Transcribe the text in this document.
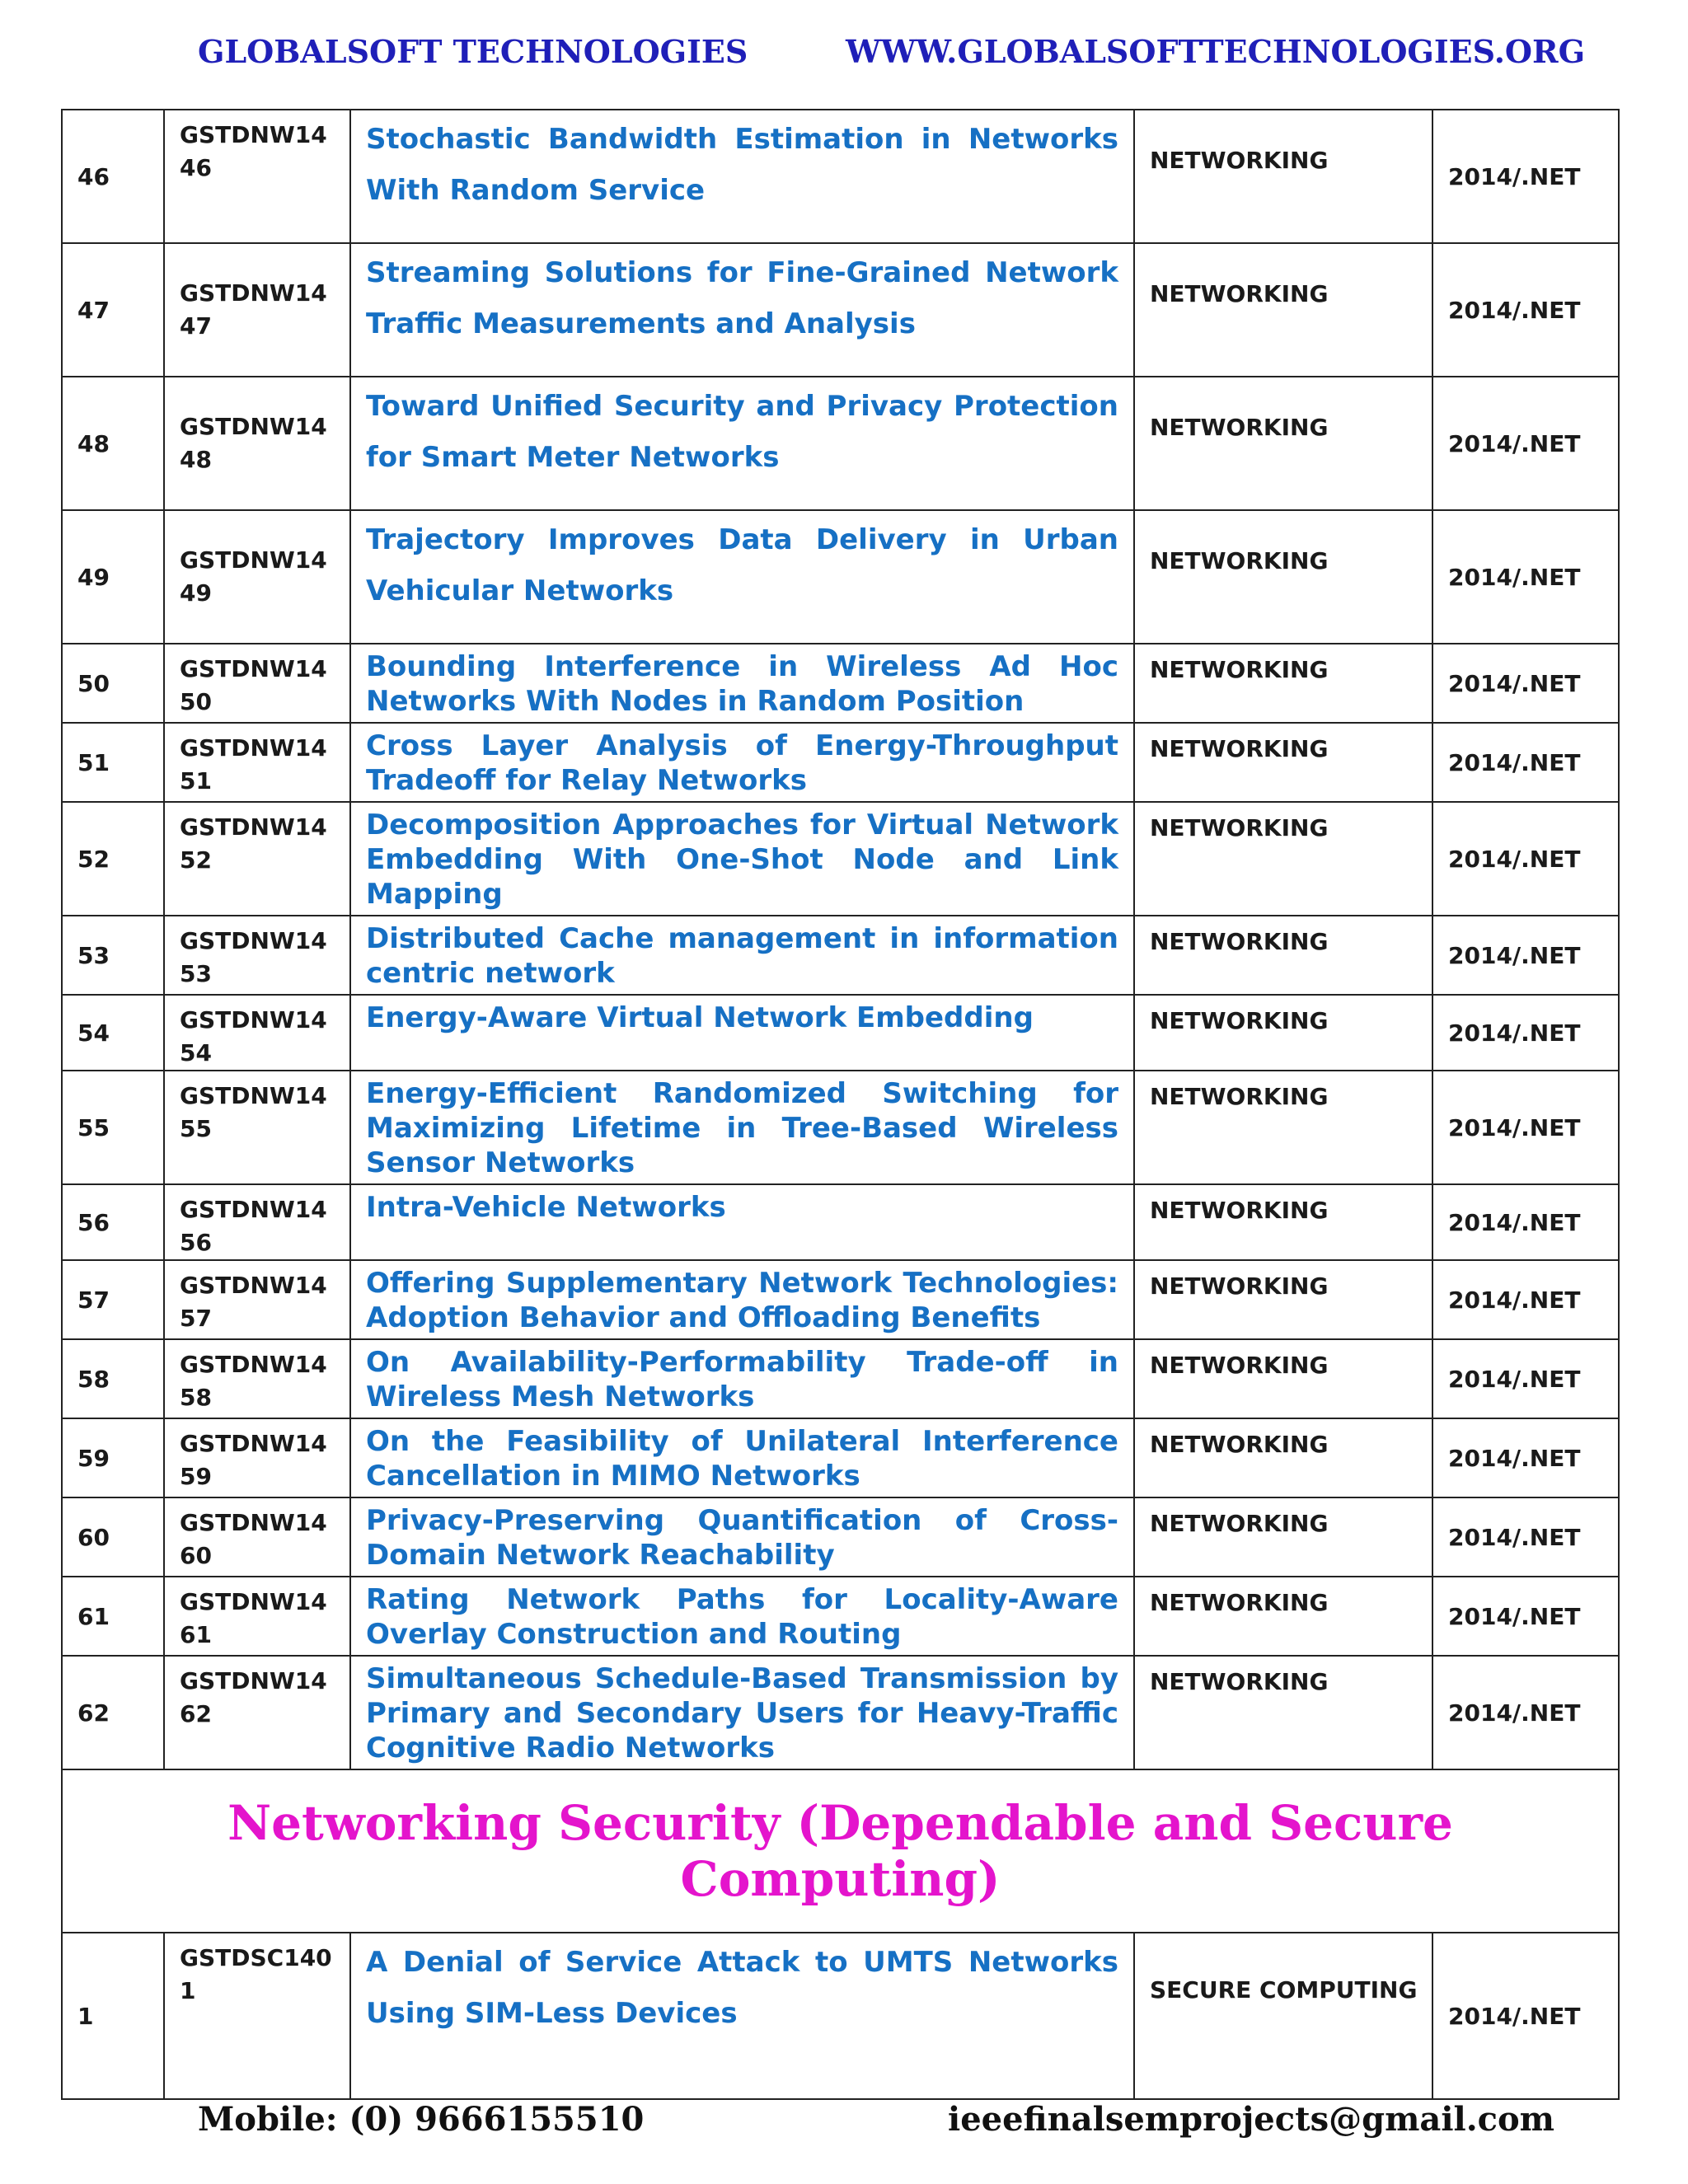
GLOBALSOFT TECHNOLOGIES	WWW.GLOBALSOFTTECHNOLOGIES.ORG
46	GSTDNW1446	Stochastic Bandwidth Estimation in Networks With Random Service	NETWORKING	2014/.NET
47	GSTDNW1447	Streaming Solutions for Fine-Grained Network Traffic Measurements and Analysis	NETWORKING	2014/.NET
48	GSTDNW1448	Toward Unified Security and Privacy Protection for Smart Meter Networks	NETWORKING	2014/.NET
49	GSTDNW1449	Trajectory Improves Data Delivery in Urban Vehicular Networks	NETWORKING	2014/.NET
50	GSTDNW1450	Bounding Interference in Wireless Ad Hoc Networks With Nodes in Random Position	NETWORKING	2014/.NET
51	GSTDNW1451	Cross Layer Analysis of Energy-Throughput Tradeoff for Relay Networks	NETWORKING	2014/.NET
52	GSTDNW1452	Decomposition Approaches for Virtual Network Embedding With One-Shot Node and Link Mapping	NETWORKING	2014/.NET
53	GSTDNW1453	Distributed Cache management in information centric network	NETWORKING	2014/.NET
54	GSTDNW1454	Energy-Aware Virtual Network Embedding	NETWORKING	2014/.NET
55	GSTDNW1455	Energy-Efficient Randomized Switching for Maximizing Lifetime in Tree-Based Wireless Sensor Networks	NETWORKING	2014/.NET
56	GSTDNW1456	Intra-Vehicle Networks	NETWORKING	2014/.NET
57	GSTDNW1457	Offering Supplementary Network Technologies: Adoption Behavior and Offloading Benefits	NETWORKING	2014/.NET
58	GSTDNW1458	On Availability-Performability Trade-off in Wireless Mesh Networks	NETWORKING	2014/.NET
59	GSTDNW1459	On the Feasibility of Unilateral Interference Cancellation in MIMO Networks	NETWORKING	2014/.NET
60	GSTDNW1460	Privacy-Preserving Quantification of Cross-Domain Network Reachability	NETWORKING	2014/.NET
61	GSTDNW1461	Rating Network Paths for Locality-Aware Overlay Construction and Routing	NETWORKING	2014/.NET
62	GSTDNW1462	Simultaneous Schedule-Based Transmission by Primary and Secondary Users for Heavy-Traffic Cognitive Radio Networks	NETWORKING	2014/.NET
Networking Security (Dependable and Secure Computing)				
1	GSTDSC1401	A Denial of Service Attack to UMTS Networks Using SIM-Less Devices	SECURE COMPUTING	2014/.NET
Mobile: (0) 9666155510	ieeefinalsemprojects@gmail.com
